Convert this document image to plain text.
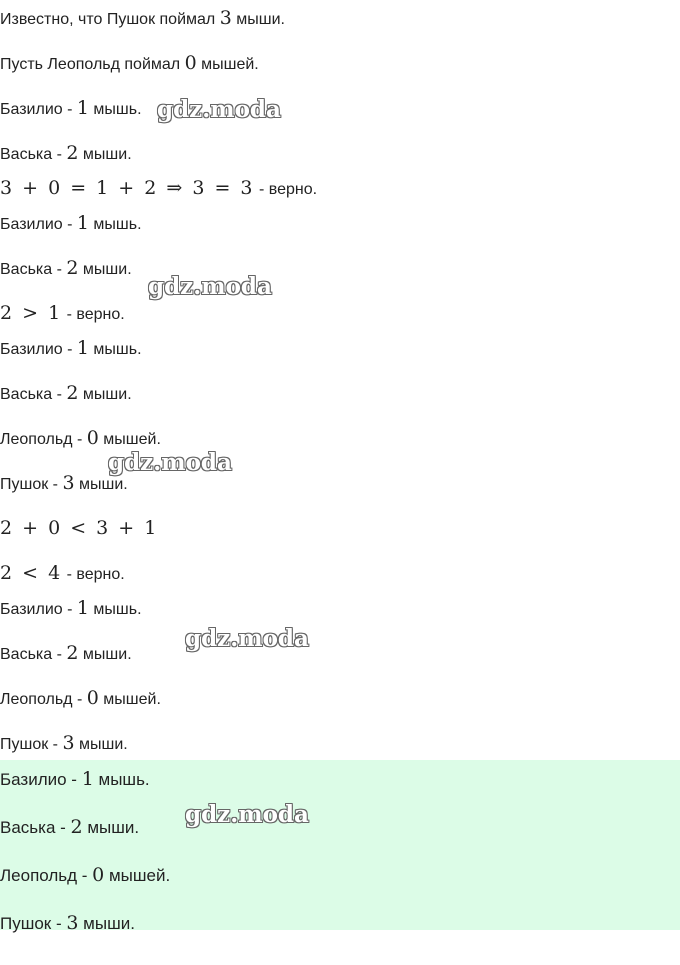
Известно, что Пушок поймал 3 мыши.
Пусть Леопольд поймал 0 мышей.
Базилио - 1 мышь.
Васька - 2 мыши.
3 + 0 = 1 + 2 ⇒ 3 = 3 - верно.
Базилио - 1 мышь.
Васька - 2 мыши.
2 > 1 - верно.
Базилио - 1 мышь.
Васька - 2 мыши.
Леопольд - 0 мышей.
Пушок - 3 мыши.
2 + 0 < 3 + 1
2 < 4 - верно.
Базилио - 1 мышь.
Васька - 2 мыши.
Леопольд - 0 мышей.
Пушок - 3 мыши.
Базилио - 1 мышь.
Васька - 2 мыши.
Леопольд - 0 мышей.
Пушок - 3 мыши.
gdz.moda
gdz.moda
gdz.moda
gdz.moda
gdz.moda
